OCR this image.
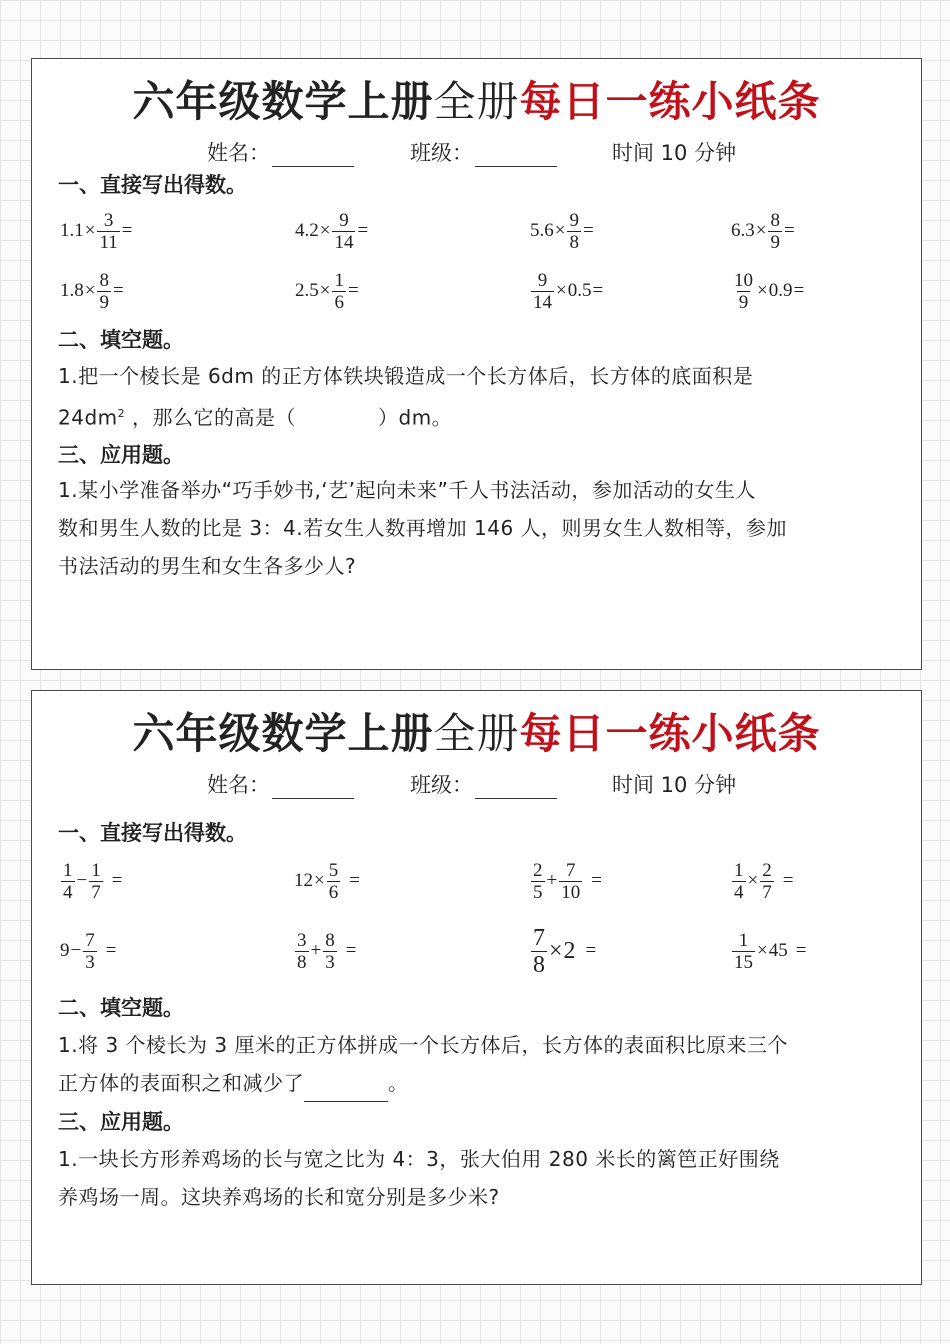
六年级数学上册全册每日一练小纸条
姓名：	班级：	时间 10 分钟
一、直接写出得数。
$1.1 \times \frac{3}{11}$ =	$4.2 \times \frac{9}{14}$ =	$5.6 \times \frac{9}{8}$ =	$6.3 \times \frac{8}{9}$ =
$1.8 \times \frac{8}{9}$ =	$2.5 \times \frac{1}{6}$ =	$\frac{9}{14} \times 0.5$ =	$\frac{10}{9} \times 0.9$ =
二、填空题。
1.把一个棱长是 6dm 的正方体铁块锻造成一个长方体后，长方体的底面积是
$24dm^2$ ，那么它的高是（　　　　）dm。
三、应用题。
1.某小学准备举办“巧手妙书,‘艺’起向未来”千人书法活动，参加活动的女生人
数和男生人数的比是 3：4.若女生人数再增加 146 人，则男女生人数相等，参加
书法活动的男生和女生各多少人?
六年级数学上册全册每日一练小纸条
姓名：	班级：	时间 10 分钟
一、直接写出得数。
$\frac{1}{4} - \frac{1}{7}$ =	$12 \times \frac{5}{6}$ =	$\frac{2}{5} + \frac{7}{10}$ =	$\frac{1}{4} \times \frac{2}{7}$ =
$9 - \frac{7}{3}$ =	$\frac{3}{8} + \frac{8}{3}$ =	$\frac{7}{8} \times 2$ =	$\frac{1}{15} \times 45$ =
二、填空题。
1.将 3 个棱长为 3 厘米的正方体拼成一个长方体后，长方体的表面积比原来三个
正方体的表面积之和减少了	。
三、应用题。
1.一块长方形养鸡场的长与宽之比为 4：3，张大伯用 280 米长的篱笆正好围绕
养鸡场一周。这块养鸡场的长和宽分别是多少米?
